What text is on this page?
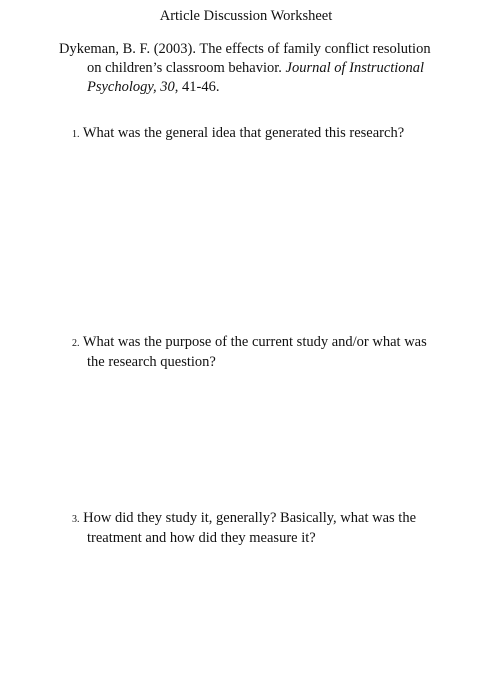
Article Discussion Worksheet
Dykeman, B. F. (2003). The effects of family conflict resolution
on children’s classroom behavior. Journal of Instructional
Psychology, 30, 41-46.
1. What was the general idea that generated this research?
2. What was the purpose of the current study and/or what was
the research question?
3. How did they study it, generally? Basically, what was the
treatment and how did they measure it?
